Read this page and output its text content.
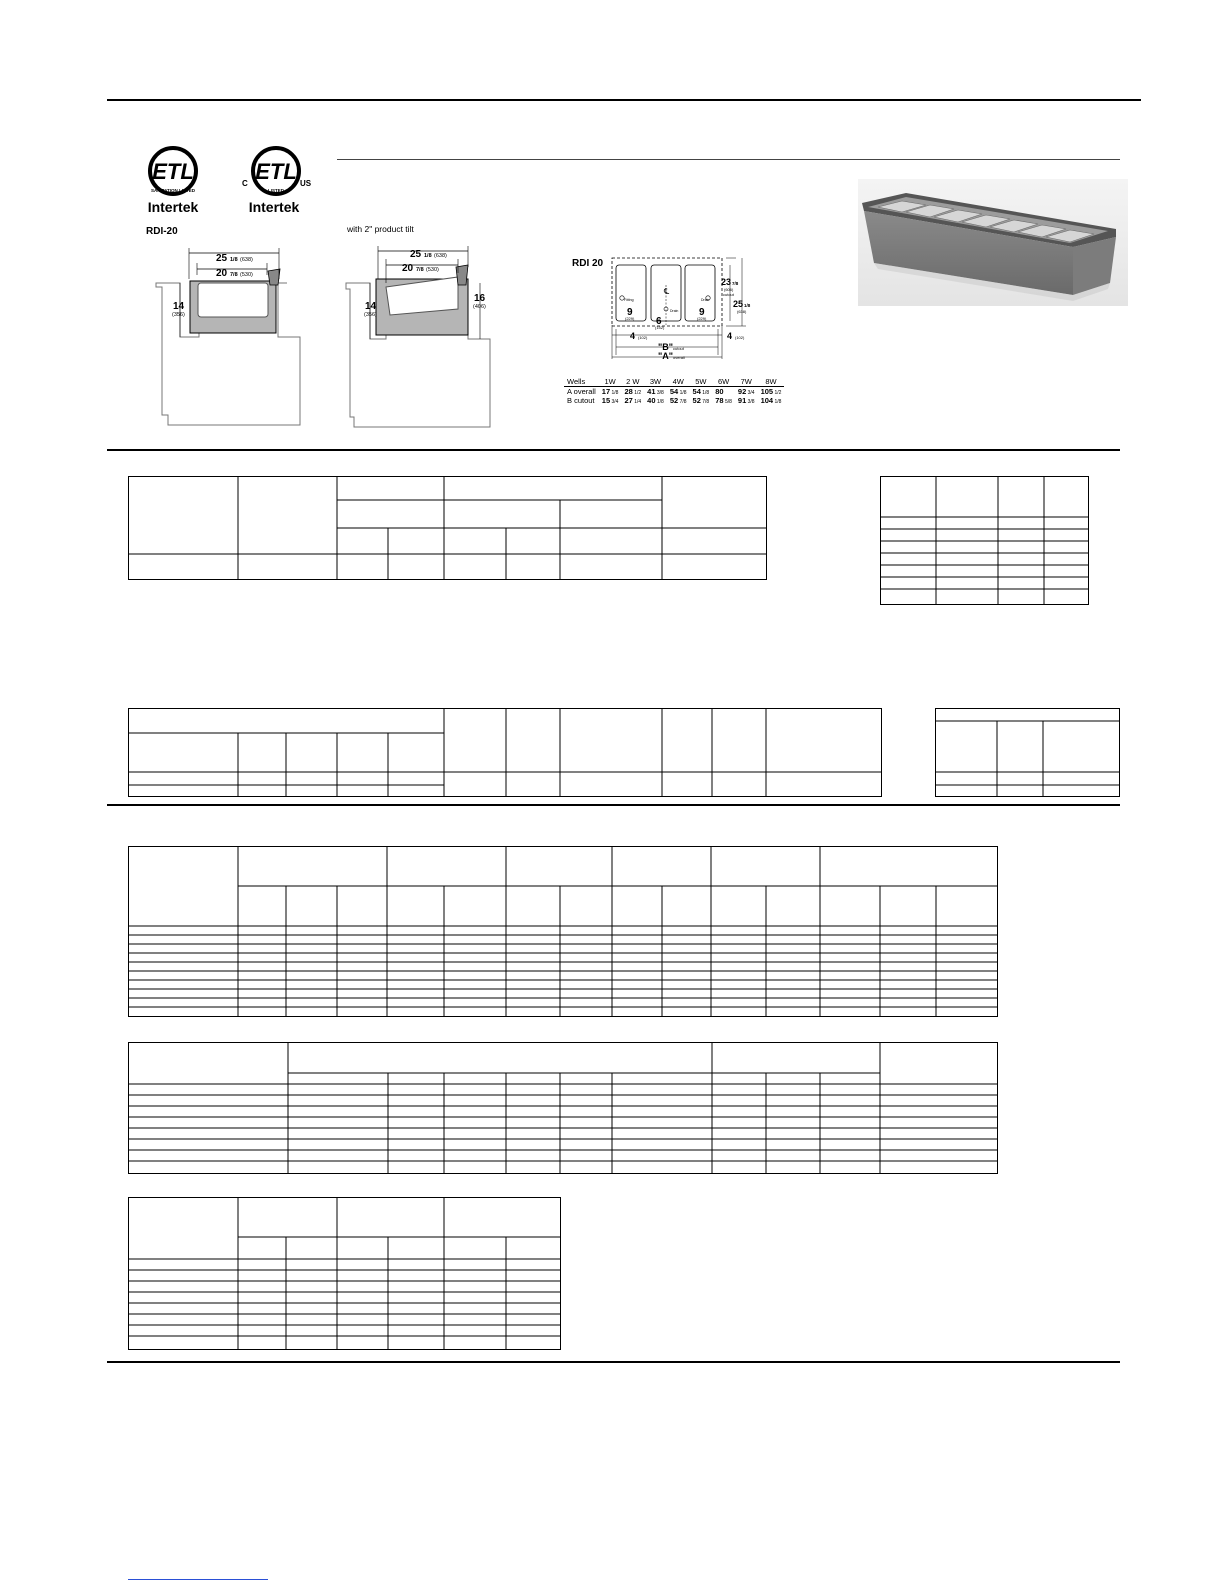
ETL
SANITATION LISTED
Intertek
ETL
C	US
LISTED
Intertek
RDI-20	with 2" product tilt
25 1/8 (638)
20 7/8 (530)
14
(356)
25 1/8 (638)
20 7/8 (530)
14
(356)
16
(406)
RDI 20
℄
Fitting
Drain
Drain
9
(229) 6
(152)
9
(229)
23 7/8
(606)
cutout
25 1/8
(638)
4 (102)	4 (102)
"B" cutout
"A" overall
Wells	1W	2 W	3W	4W	5W	6W	7W	8W
A overall	17 1/8	28 1/2	41 3/8	54 1/8	54 1/8	80	92 3/4	105 1/2
B cutout	15 3/4	27 1/4	40 1/8	52 7/8	52 7/8	78 5/8	91 3/8	104 1/8
